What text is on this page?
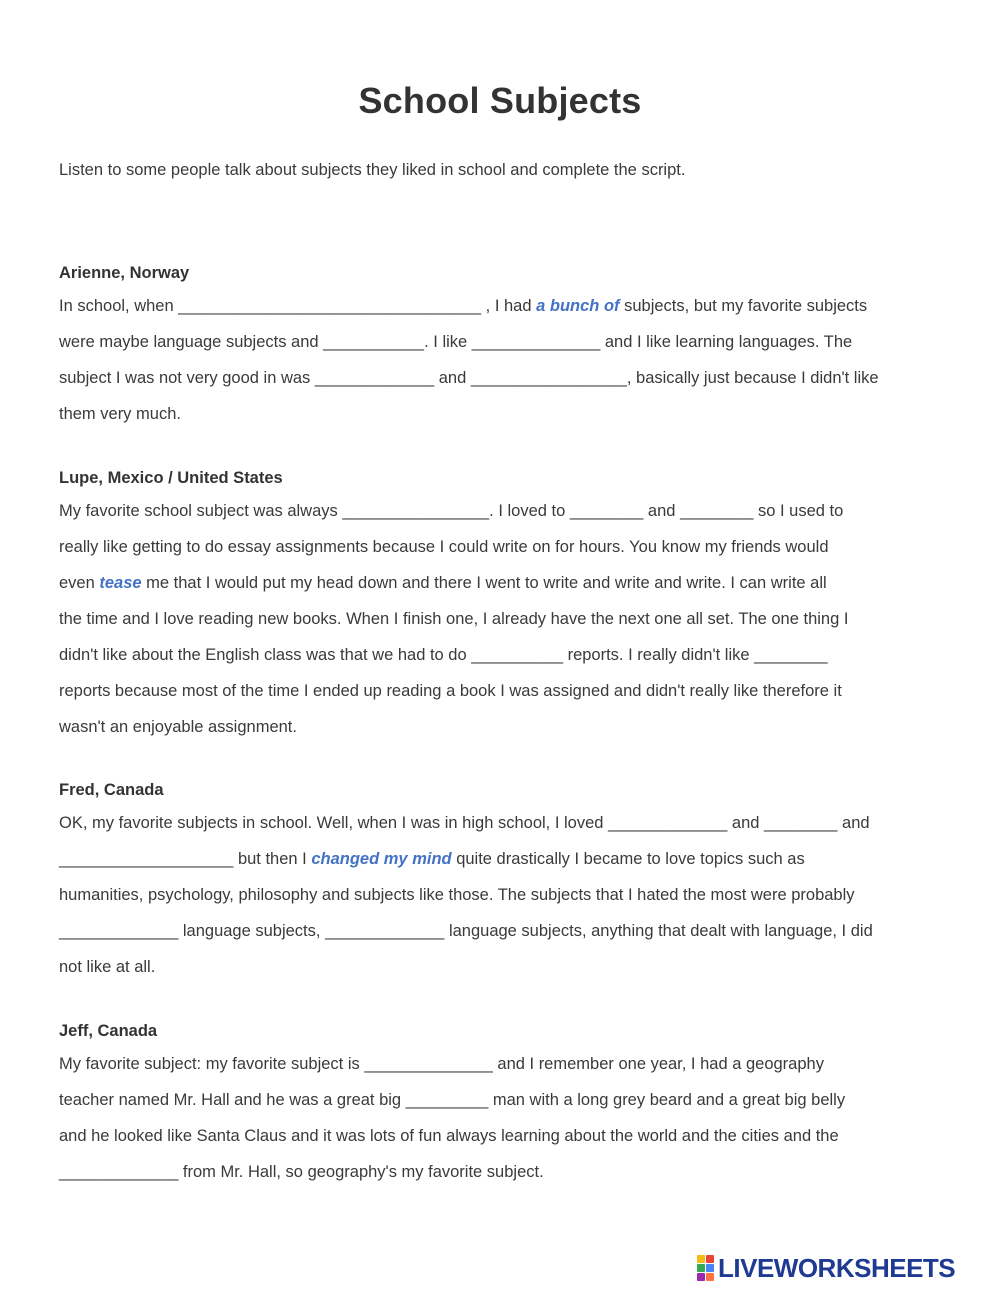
School Subjects
Listen to some people talk about subjects they liked in school and complete the script.
Arienne, Norway
In school, when _________________________________ , I had a bunch of subjects, but my favorite subjects
were maybe language subjects and ___________. I like ______________ and I like learning languages. The
subject I was not very good in was _____________ and _________________, basically just because I didn't like
them very much.
Lupe, Mexico / United States
My favorite school subject was always ________________. I loved to ________ and ________ so I used to
really like getting to do essay assignments because I could write on for hours. You know my friends would
even tease me that I would put my head down and there I went to write and write and write. I can write all
the time and I love reading new books. When I finish one, I already have the next one all set. The one thing I
didn't like about the English class was that we had to do __________ reports. I really didn't like ________
reports because most of the time I ended up reading a book I was assigned and didn't really like therefore it
wasn't an enjoyable assignment.
Fred, Canada
OK, my favorite subjects in school. Well, when I was in high school, I loved _____________ and ________ and
___________________ but then I changed my mind quite drastically I became to love topics such as
humanities, psychology, philosophy and subjects like those. The subjects that I hated the most were probably
_____________ language subjects, _____________ language subjects, anything that dealt with language, I did
not like at all.
Jeff, Canada
My favorite subject: my favorite subject is ______________ and I remember one year, I had a geography
teacher named Mr. Hall and he was a great big _________ man with a long grey beard and a great big belly
and he looked like Santa Claus and it was lots of fun always learning about the world and the cities and the
_____________ from Mr. Hall, so geography's my favorite subject.
LIVEWORKSHEETS
